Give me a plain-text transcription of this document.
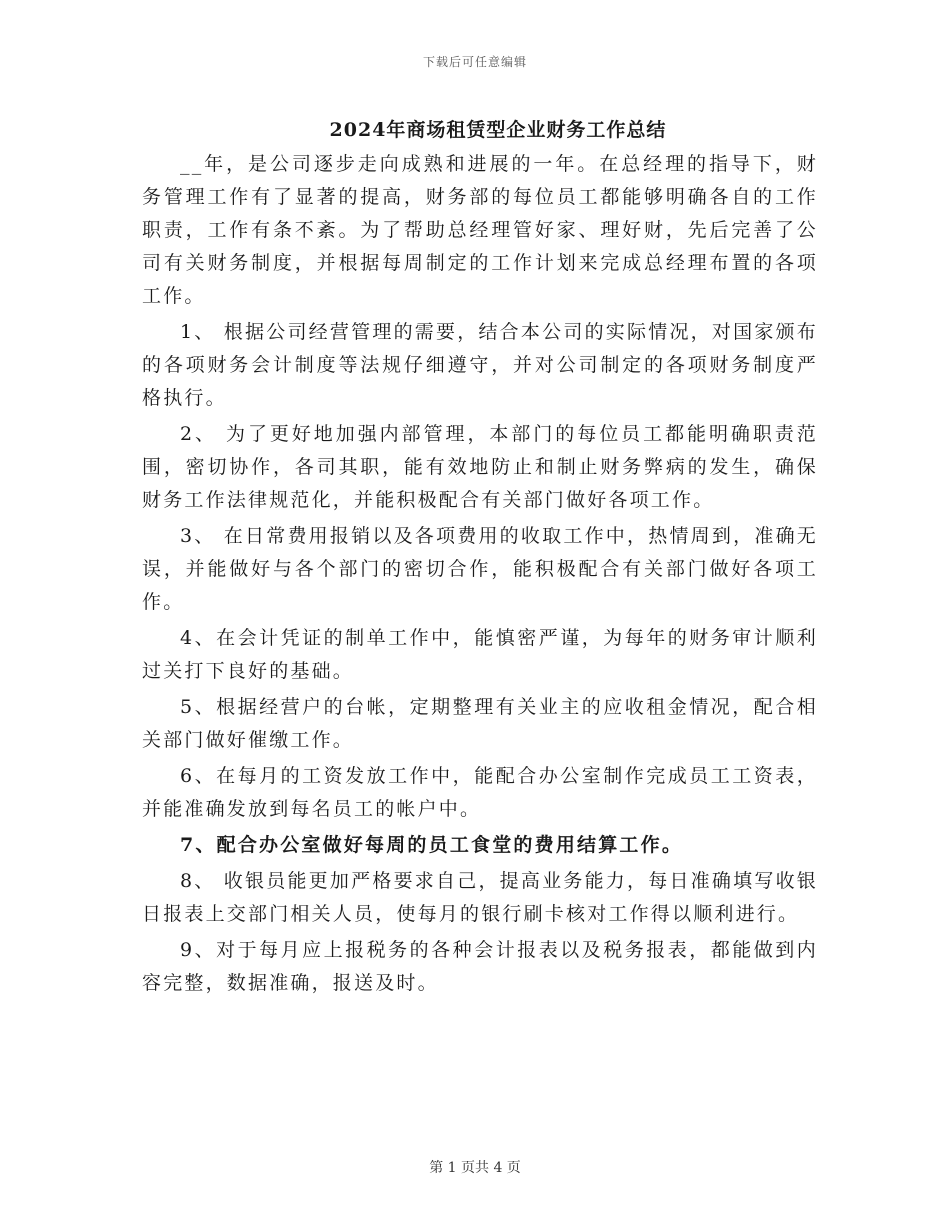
下载后可任意编辑
2024年商场租赁型企业财务工作总结

__年，是公司逐步走向成熟和进展的一年。在总经理的指导下，财务管理工作有了显著的提高，财务部的每位员工都能够明确各自的工作职责，工作有条不紊。为了帮助总经理管好家、理好财，先后完善了公司有关财务制度，并根据每周制定的工作计划来完成总经理布置的各项工作。

1、 根据公司经营管理的需要，结合本公司的实际情况，对国家颁布的各项财务会计制度等法规仔细遵守，并对公司制定的各项财务制度严格执行。

2、 为了更好地加强内部管理，本部门的每位员工都能明确职责范围，密切协作，各司其职，能有效地防止和制止财务弊病的发生，确保财务工作法律规范化，并能积极配合有关部门做好各项工作。

3、 在日常费用报销以及各项费用的收取工作中，热情周到，准确无误，并能做好与各个部门的密切合作，能积极配合有关部门做好各项工作。

4、在会计凭证的制单工作中，能慎密严谨，为每年的财务审计顺利过关打下良好的基础。

5、根据经营户的台帐，定期整理有关业主的应收租金情况，配合相关部门做好催缴工作。

6、在每月的工资发放工作中，能配合办公室制作完成员工工资表，并能准确发放到每名员工的帐户中。

7、配合办公室做好每周的员工食堂的费用结算工作。

8、 收银员能更加严格要求自己，提高业务能力，每日准确填写收银日报表上交部门相关人员，使每月的银行刷卡核对工作得以顺利进行。

9、对于每月应上报税务的各种会计报表以及税务报表，都能做到内容完整，数据准确，报送及时。

第 1 页共 4 页
